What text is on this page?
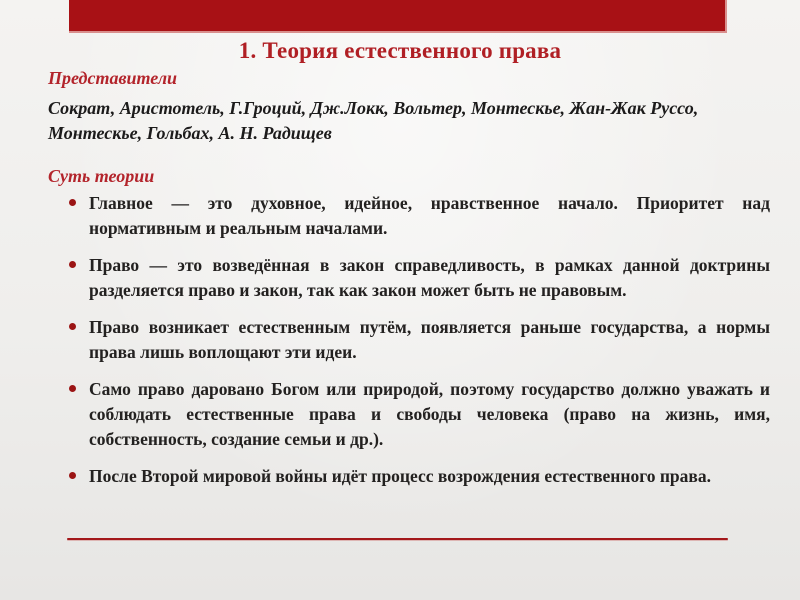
1. Теория естественного права
Представители
Сократ, Аристотель, Г.Гроций, Дж.Локк, Вольтер, Монтескье, Жан-Жак Руссо, Монтескье, Гольбах, А. Н. Радищев
Суть теории
Главное — это духовное, идейное, нравственное начало. Приоритет над нормативным и реальным началами.
Право — это возведённая в закон справедливость, в рамках данной доктрины разделяется право и закон, так как закон может быть не правовым.
Право возникает естественным путём, появляется раньше государства, а нормы права лишь воплощают эти идеи.
Само право даровано Богом или природой, поэтому государство должно уважать и соблюдать естественные права и свободы человека (право на жизнь, имя, собственность, создание семьи и др.).
После Второй мировой войны идёт процесс возрождения естественного права.
